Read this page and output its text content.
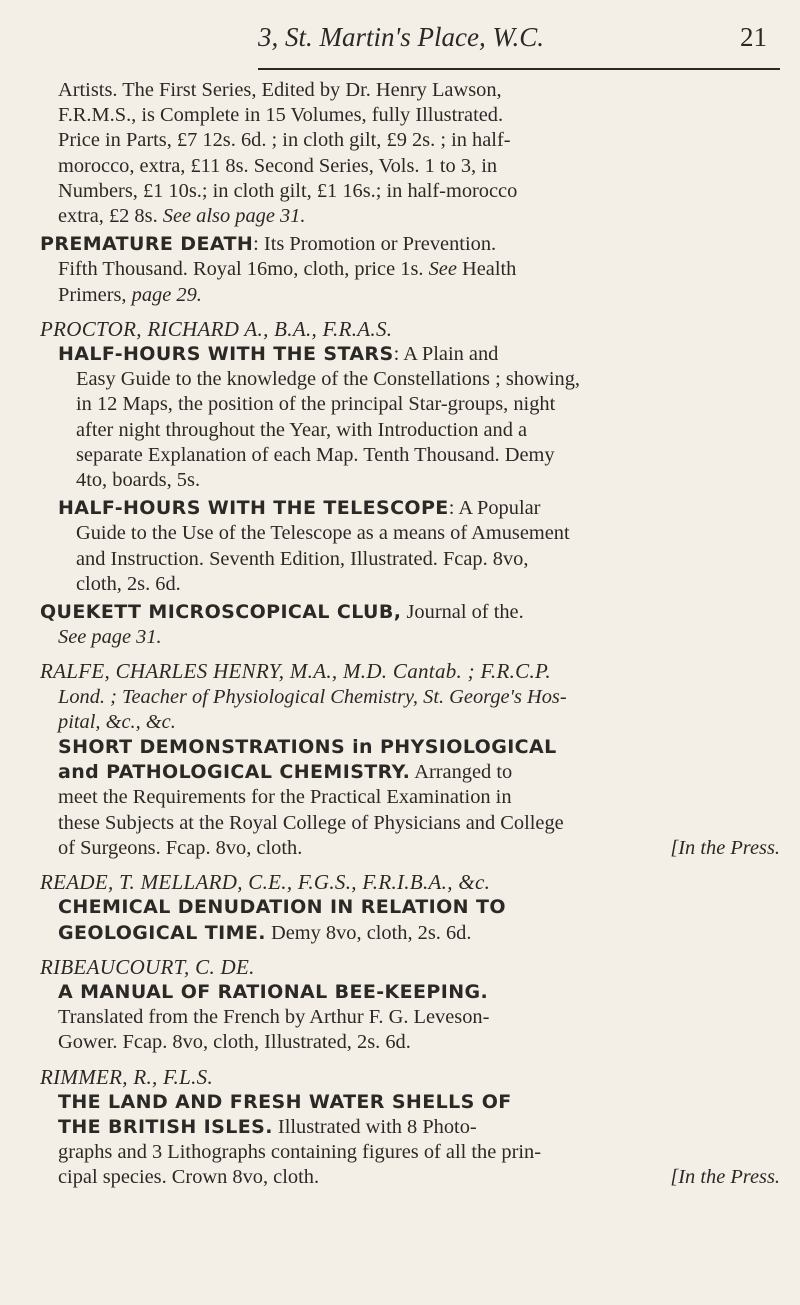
3, St. Martin's Place, W.C.	21

Artists. The First Series, Edited by Dr. Henry Lawson,

F.R.M.S., is Complete in 15 Volumes, fully Illustrated.

Price in Parts, £7 12s. 6d. ; in cloth gilt, £9 2s. ; in half-

morocco, extra, £11 8s. Second Series, Vols. 1 to 3, in

Numbers, £1 10s.; in cloth gilt, £1 16s.; in half-morocco

extra, £2 8s. See also page 31.

PREMATURE DEATH: Its Promotion or Prevention.

Fifth Thousand. Royal 16mo, cloth, price 1s. See Health

Primers, page 29.

PROCTOR, RICHARD A., B.A., F.R.A.S.

HALF-HOURS WITH THE STARS: A Plain and

Easy Guide to the knowledge of the Constellations ; showing,

in 12 Maps, the position of the principal Star-groups, night

after night throughout the Year, with Introduction and a

separate Explanation of each Map. Tenth Thousand. Demy

4to, boards, 5s.

HALF-HOURS WITH THE TELESCOPE: A Popular

Guide to the Use of the Telescope as a means of Amusement

and Instruction. Seventh Edition, Illustrated. Fcap. 8vo,

cloth, 2s. 6d.

QUEKETT MICROSCOPICAL CLUB, Journal of the.

See page 31.

RALFE, CHARLES HENRY, M.A., M.D. Cantab. ; F.R.C.P.

Lond. ; Teacher of Physiological Chemistry, St. George's Hos-

pital, &c., &c.

SHORT DEMONSTRATIONS in PHYSIOLOGICAL

and PATHOLOGICAL CHEMISTRY. Arranged to

meet the Requirements for the Practical Examination in

these Subjects at the Royal College of Physicians and College

of Surgeons. Fcap. 8vo, cloth.	[In the Press.

READE, T. MELLARD, C.E., F.G.S., F.R.I.B.A., &c.

CHEMICAL DENUDATION IN RELATION TO

GEOLOGICAL TIME. Demy 8vo, cloth, 2s. 6d.

RIBEAUCOURT, C. DE.

A MANUAL OF RATIONAL BEE-KEEPING.

Translated from the French by Arthur F. G. Leveson-

Gower. Fcap. 8vo, cloth, Illustrated, 2s. 6d.

RIMMER, R., F.L.S.

THE LAND AND FRESH WATER SHELLS OF

THE BRITISH ISLES. Illustrated with 8 Photo-

graphs and 3 Lithographs containing figures of all the prin-

cipal species. Crown 8vo, cloth.	[In the Press.
